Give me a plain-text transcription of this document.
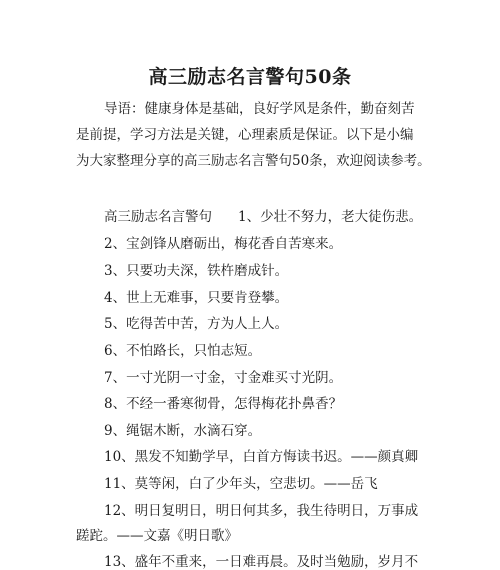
高三励志名言警句50条
导语：健康身体是基础，良好学风是条件，勤奋刻苦
是前提，学习方法是关键，心理素质是保证。以下是小编
为大家整理分享的高三励志名言警句50条，欢迎阅读参考。
高三励志名言警句 1、少壮不努力，老大徒伤悲。
2、宝剑锋从磨砺出，梅花香自苦寒来。
3、只要功夫深，铁杵磨成针。
4、世上无难事，只要肯登攀。
5、吃得苦中苦，方为人上人。
6、不怕路长，只怕志短。
7、一寸光阴一寸金，寸金难买寸光阴。
8、不经一番寒彻骨，怎得梅花扑鼻香？
9、绳锯木断，水滴石穿。
10、黑发不知勤学早，白首方悔读书迟。——颜真卿
11、莫等闲，白了少年头，空悲切。——岳飞
12、明日复明日，明日何其多，我生待明日，万事成
蹉跎。——文嘉《明日歌》
13、盛年不重来，一日难再晨。及时当勉励，岁月不
